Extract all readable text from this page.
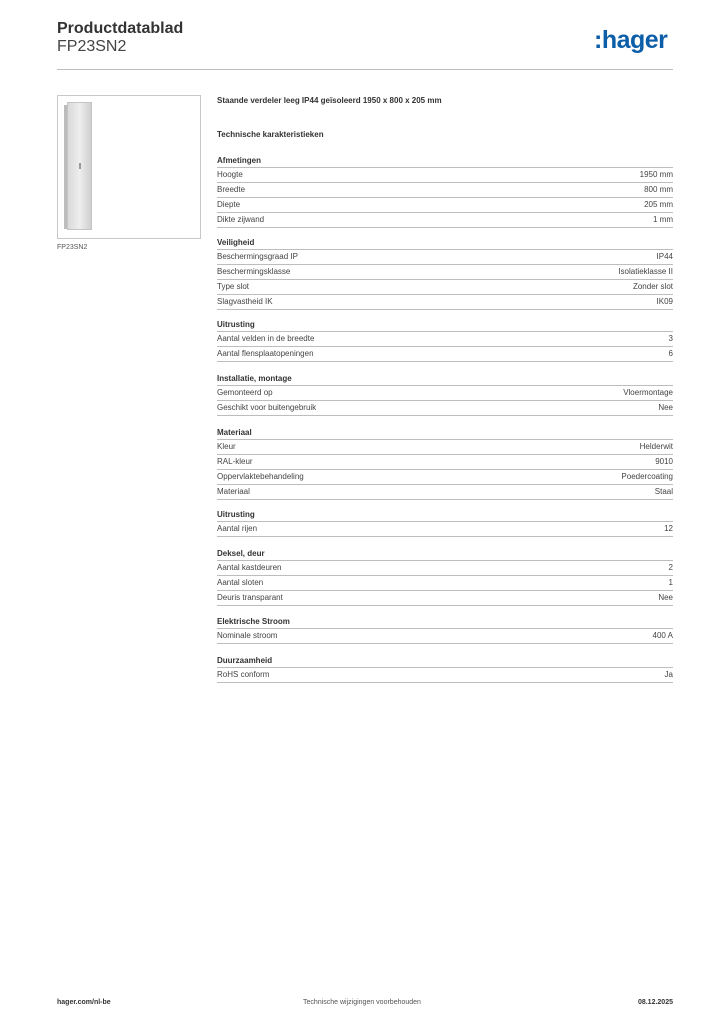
Productdatablad
FP23SN2	:hager
FP23SN2
Staande verdeler leeg IP44 geïsoleerd 1950 x 800 x 205 mm
Technische karakteristieken
Afmetingen
Hoogte	1950 mm
Breedte	800 mm
Diepte	205 mm
Dikte zijwand	1 mm
Veiligheid
Beschermingsgraad IP	IP44
Beschermingsklasse	Isolatieklasse II
Type slot	Zonder slot
Slagvastheid IK	IK09
Uitrusting
Aantal velden in de breedte	3
Aantal flensplaatopeningen	6
Installatie, montage
Gemonteerd op	Vloermontage
Geschikt voor buitengebruik	Nee
Materiaal
Kleur	Helderwit
RAL-kleur	9010
Oppervlaktebehandeling	Poedercoating
Materiaal	Staal
Uitrusting
Aantal rijen	12
Deksel, deur
Aantal kastdeuren	2
Aantal sloten	1
Deuris transparant	Nee
Elektrische Stroom
Nominale stroom	400 A
Duurzaamheid
RoHS conform	Ja
hager.com/nl-be	Technische wijzigingen voorbehouden	08.12.2025
